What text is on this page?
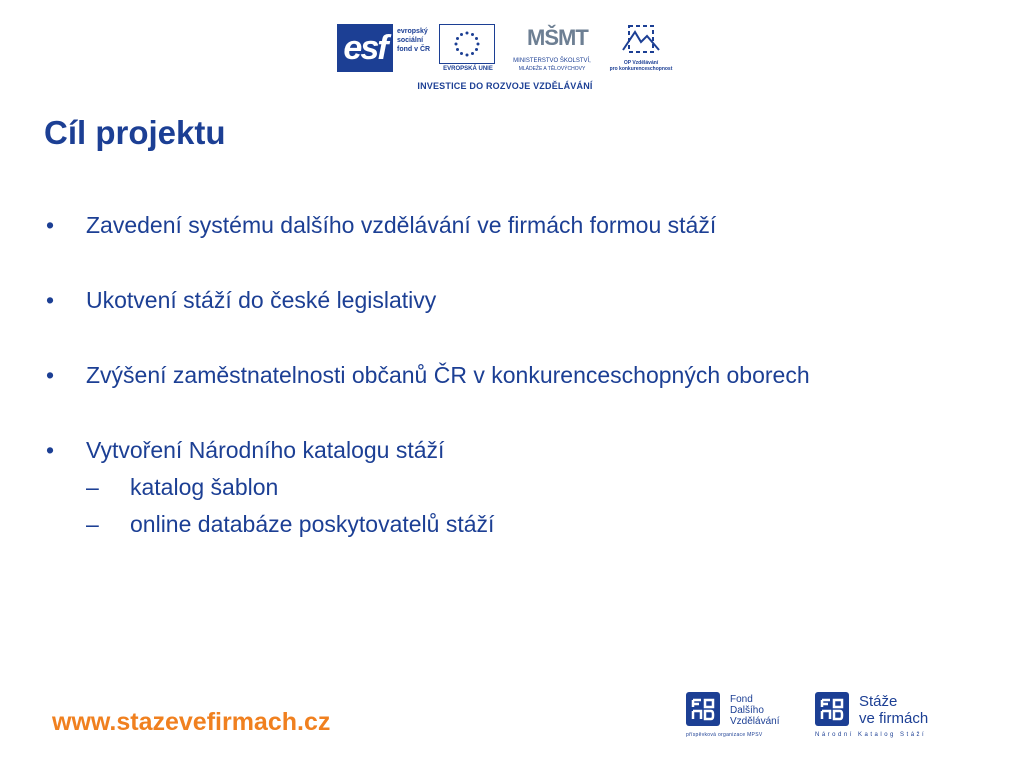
esf	evropský
sociální
fond v ČR
EVROPSKÁ UNIE
MŠMT
MINISTERSTVO ŠKOLSTVÍ,
MLÁDEŽE A TĚLOVÝCHOVY
OP Vzdělávání
pro konkurenceschopnost
INVESTICE DO ROZVOJE VZDĚLÁVÁNÍ
Cíl projektu
• Zavedení systému dalšího vzdělávání ve firmách formou stáží
• Ukotvení stáží do české legislativy
• Zvýšení zaměstnatelnosti občanů ČR v konkurenceschopných oborech
• Vytvoření Národního katalogu stáží
– katalog šablon
– online databáze poskytovatelů stáží
www.stazevefirmach.cz
Fond
Dalšího
Vzdělávání
příspěvková organizace MPSV
Stáže
ve firmách
Národní Katalog Stáží
